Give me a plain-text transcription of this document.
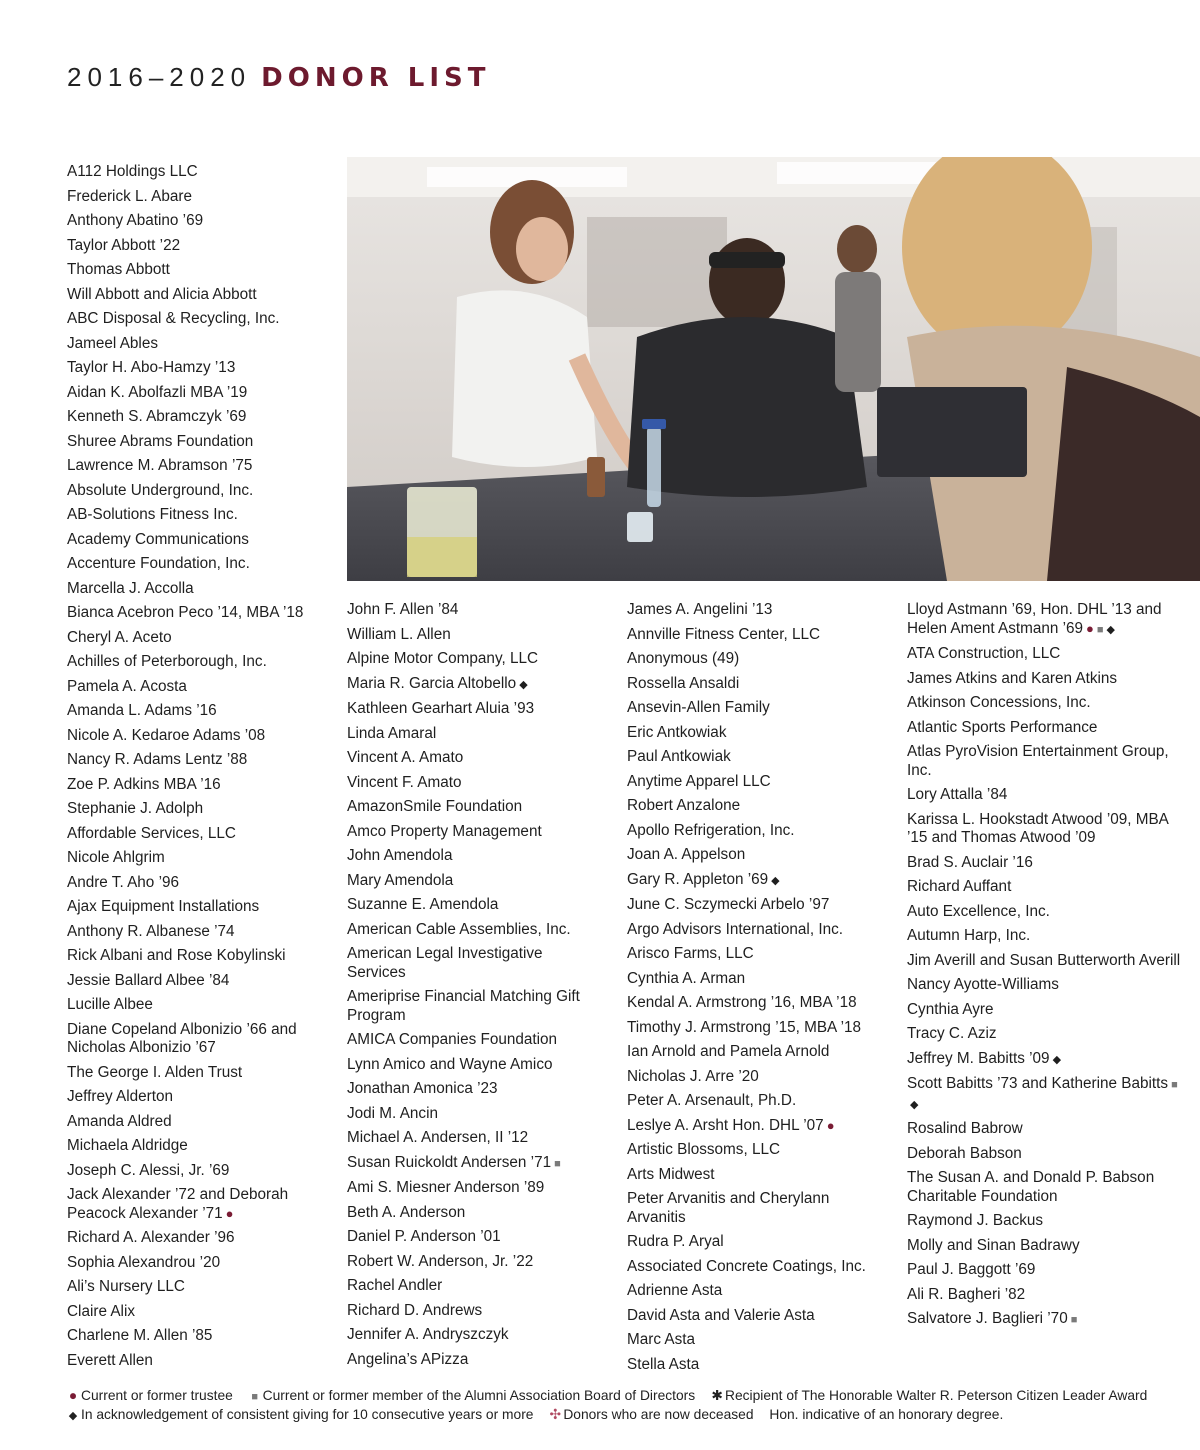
2016–2020 DONOR LIST
A112 Holdings LLC
Frederick L. Abare
Anthony Abatino ’69
Taylor Abbott ’22
Thomas Abbott
Will Abbott and Alicia Abbott
ABC Disposal & Recycling, Inc.
Jameel Ables
Taylor H. Abo-Hamzy ’13
Aidan K. Abolfazli MBA ’19
Kenneth S. Abramczyk ’69
Shuree Abrams Foundation
Lawrence M. Abramson ’75
Absolute Underground, Inc.
AB-Solutions Fitness Inc.
Academy Communications
Accenture Foundation, Inc.
Marcella J. Accolla
Bianca Acebron Peco ’14, MBA ’18
Cheryl A. Aceto
Achilles of Peterborough, Inc.
Pamela A. Acosta
Amanda L. Adams ’16
Nicole A. Kedaroe Adams ’08
Nancy R. Adams Lentz ’88
Zoe P. Adkins MBA ’16
Stephanie J. Adolph
Affordable Services, LLC
Nicole Ahlgrim
Andre T. Aho ’96
Ajax Equipment Installations
Anthony R. Albanese ’74
Rick Albani and Rose Kobylinski
Jessie Ballard Albee ’84
Lucille Albee
Diane Copeland Albonizio ’66 and Nicholas Albonizio ’67
The George I. Alden Trust
Jeffrey Alderton
Amanda Aldred
Michaela Aldridge
Joseph C. Alessi, Jr. ’69
Jack Alexander ’72 and Deborah Peacock Alexander ’71 ●
Richard A. Alexander ’96
Sophia Alexandrou ’20
Ali’s Nursery LLC
Claire Alix
Charlene M. Allen ’85
Everett Allen
John F. Allen ’84
William L. Allen
Alpine Motor Company, LLC
Maria R. Garcia Altobello ◆
Kathleen Gearhart Aluia ’93
Linda Amaral
Vincent A. Amato
Vincent F. Amato
AmazonSmile Foundation
Amco Property Management
John Amendola
Mary Amendola
Suzanne E. Amendola
American Cable Assemblies, Inc.
American Legal Investigative Services
Ameriprise Financial Matching Gift Program
AMICA Companies Foundation
Lynn Amico and Wayne Amico
Jonathan Amonica ’23
Jodi M. Ancin
Michael A. Andersen, II ’12
Susan Ruickoldt Andersen ’71 ■
Ami S. Miesner Anderson ’89
Beth A. Anderson
Daniel P. Anderson ’01
Robert W. Anderson, Jr. ’22
Rachel Andler
Richard D. Andrews
Jennifer A. Andryszczyk
Angelina’s APizza
James A. Angelini ’13
Annville Fitness Center, LLC
Anonymous (49)
Rossella Ansaldi
Ansevin-Allen Family
Eric Antkowiak
Paul Antkowiak
Anytime Apparel LLC
Robert Anzalone
Apollo Refrigeration, Inc.
Joan A. Appelson
Gary R. Appleton ’69 ◆
June C. Sczymecki Arbelo ’97
Argo Advisors International, Inc.
Arisco Farms, LLC
Cynthia A. Arman
Kendal A. Armstrong ’16, MBA ’18
Timothy J. Armstrong ’15, MBA ’18
Ian Arnold and Pamela Arnold
Nicholas J. Arre ’20
Peter A. Arsenault, Ph.D.
Leslye A. Arsht Hon. DHL ’07 ●
Artistic Blossoms, LLC
Arts Midwest
Peter Arvanitis and Cherylann Arvanitis
Rudra P. Aryal
Associated Concrete Coatings, Inc.
Adrienne Asta
David Asta and Valerie Asta
Marc Asta
Stella Asta
Lloyd Astmann ’69, Hon. DHL ’13 and Helen Ament Astmann ’69 ● ■ ◆
ATA Construction, LLC
James Atkins and Karen Atkins
Atkinson Concessions, Inc.
Atlantic Sports Performance
Atlas PyroVision Entertainment Group, Inc.
Lory Attalla ’84
Karissa L. Hookstadt Atwood ’09, MBA ’15 and Thomas Atwood ’09
Brad S. Auclair ’16
Richard Auffant
Auto Excellence, Inc.
Autumn Harp, Inc.
Jim Averill and Susan Butterworth Averill
Nancy Ayotte-Williams
Cynthia Ayre
Tracy C. Aziz
Jeffrey M. Babitts ’09 ◆
Scott Babitts ’73 and Katherine Babitts ■◆
Rosalind Babrow
Deborah Babson
The Susan A. and Donald P. Babson Charitable Foundation
Raymond J. Backus
Molly and Sinan Badrawy
Paul J. Baggott ’69
Ali R. Bagheri ’82
Salvatore J. Baglieri ’70 ■
● Current or former trustee ■ Current or former member of the Alumni Association Board of Directors ✱ Recipient of The Honorable Walter R. Peterson Citizen Leader Award
◆ In acknowledgement of consistent giving for 10 consecutive years or more ✣ Donors who are now deceased Hon. indicative of an honorary degree.
